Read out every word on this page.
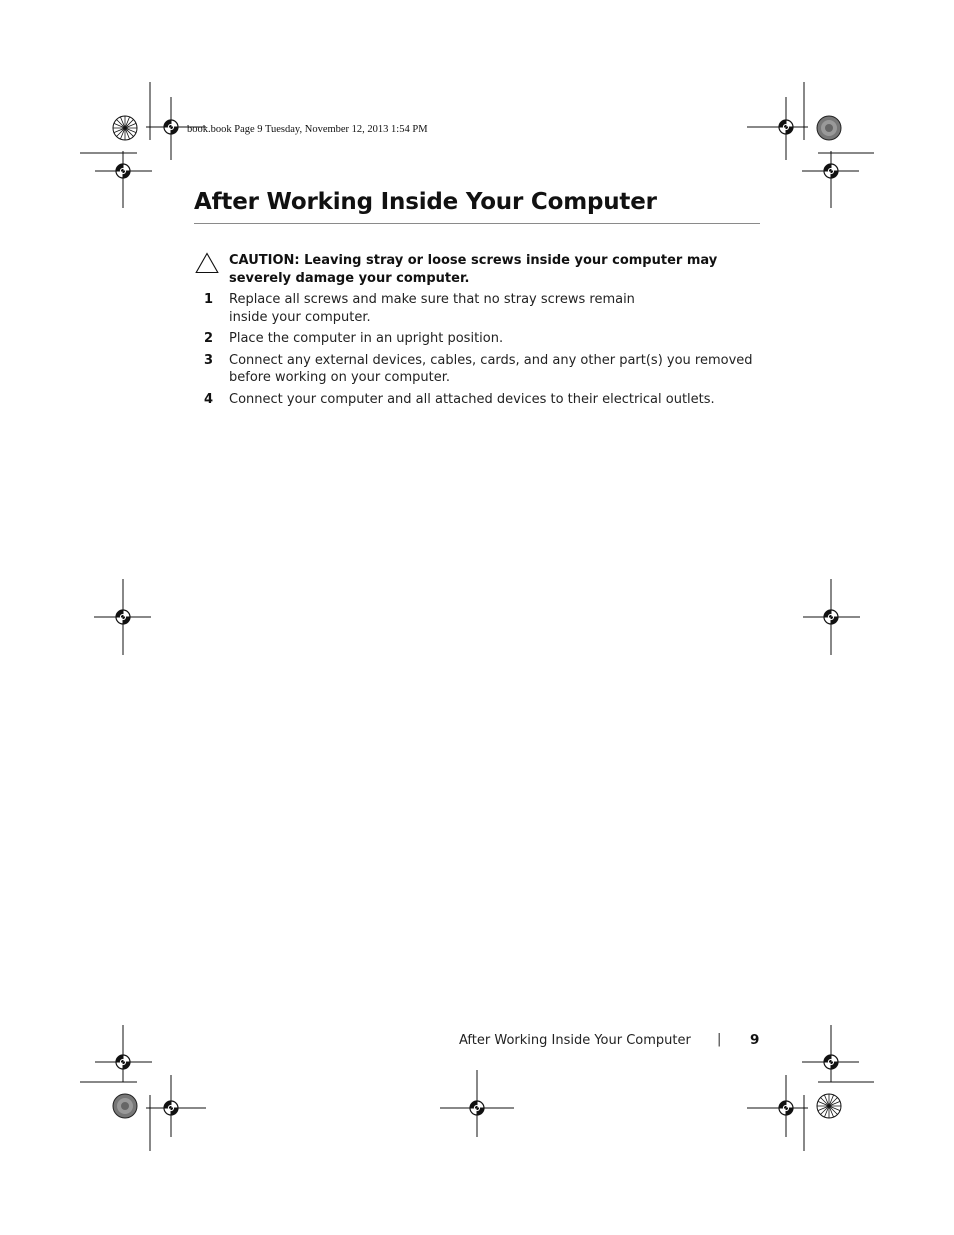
book.book Page 9 Tuesday, November 12, 2013 1:54 PM
After Working Inside Your Computer
CAUTION: Leaving stray or loose screws inside your computer may severely damage your computer.
1 Replace all screws and make sure that no stray screws remain inside your computer.
2 Place the computer in an upright position.
3 Connect any external devices, cables, cards, and any other part(s) you removed before working on your computer.
4 Connect your computer and all attached devices to their electrical outlets.
After Working Inside Your Computer | 9
